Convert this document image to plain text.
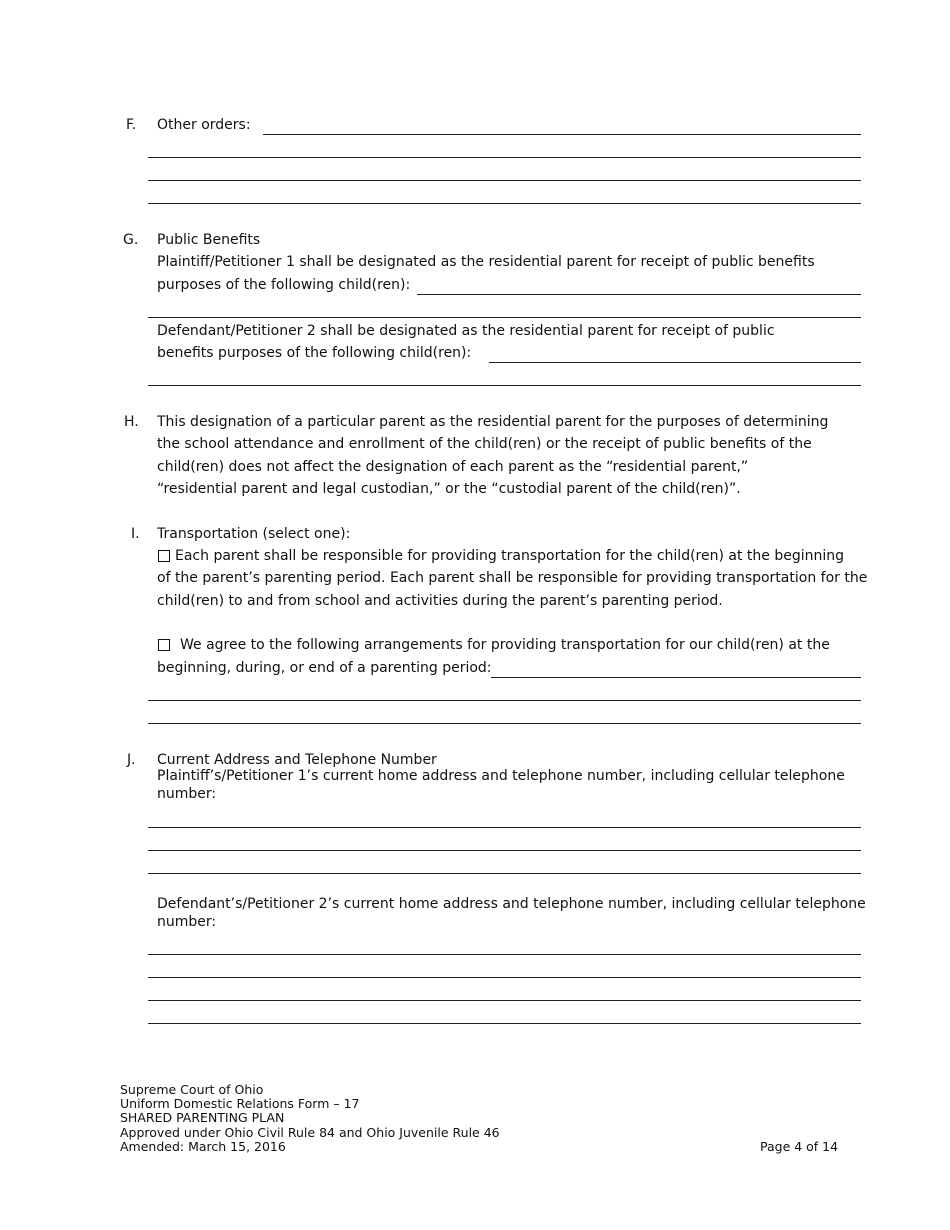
F. Other orders:
G. Public Benefits
Plaintiff/Petitioner 1 shall be designated as the residential parent for receipt of public benefits
purposes of the following child(ren):
Defendant/Petitioner 2 shall be designated as the residential parent for receipt of public
benefits purposes of the following child(ren):
H. This designation of a particular parent as the residential parent for the purposes of determining
the school attendance and enrollment of the child(ren) or the receipt of public benefits of the
child(ren) does not affect the designation of each parent as the “residential parent,”
“residential parent and legal custodian,” or the “custodial parent of the child(ren)”.
I. Transportation (select one):
Each parent shall be responsible for providing transportation for the child(ren) at the beginning
of the parent’s parenting period. Each parent shall be responsible for providing transportation for the
child(ren) to and from school and activities during the parent’s parenting period.
We agree to the following arrangements for providing transportation for our child(ren) at the
beginning, during, or end of a parenting period:
J. Current Address and Telephone Number
Plaintiff’s/Petitioner 1’s current home address and telephone number, including cellular telephone
number:
Defendant’s/Petitioner 2’s current home address and telephone number, including cellular telephone
number:
Supreme Court of Ohio
Uniform Domestic Relations Form – 17
SHARED PARENTING PLAN
Approved under Ohio Civil Rule 84 and Ohio Juvenile Rule 46
Amended: March 15, 2016	Page 4 of 14
